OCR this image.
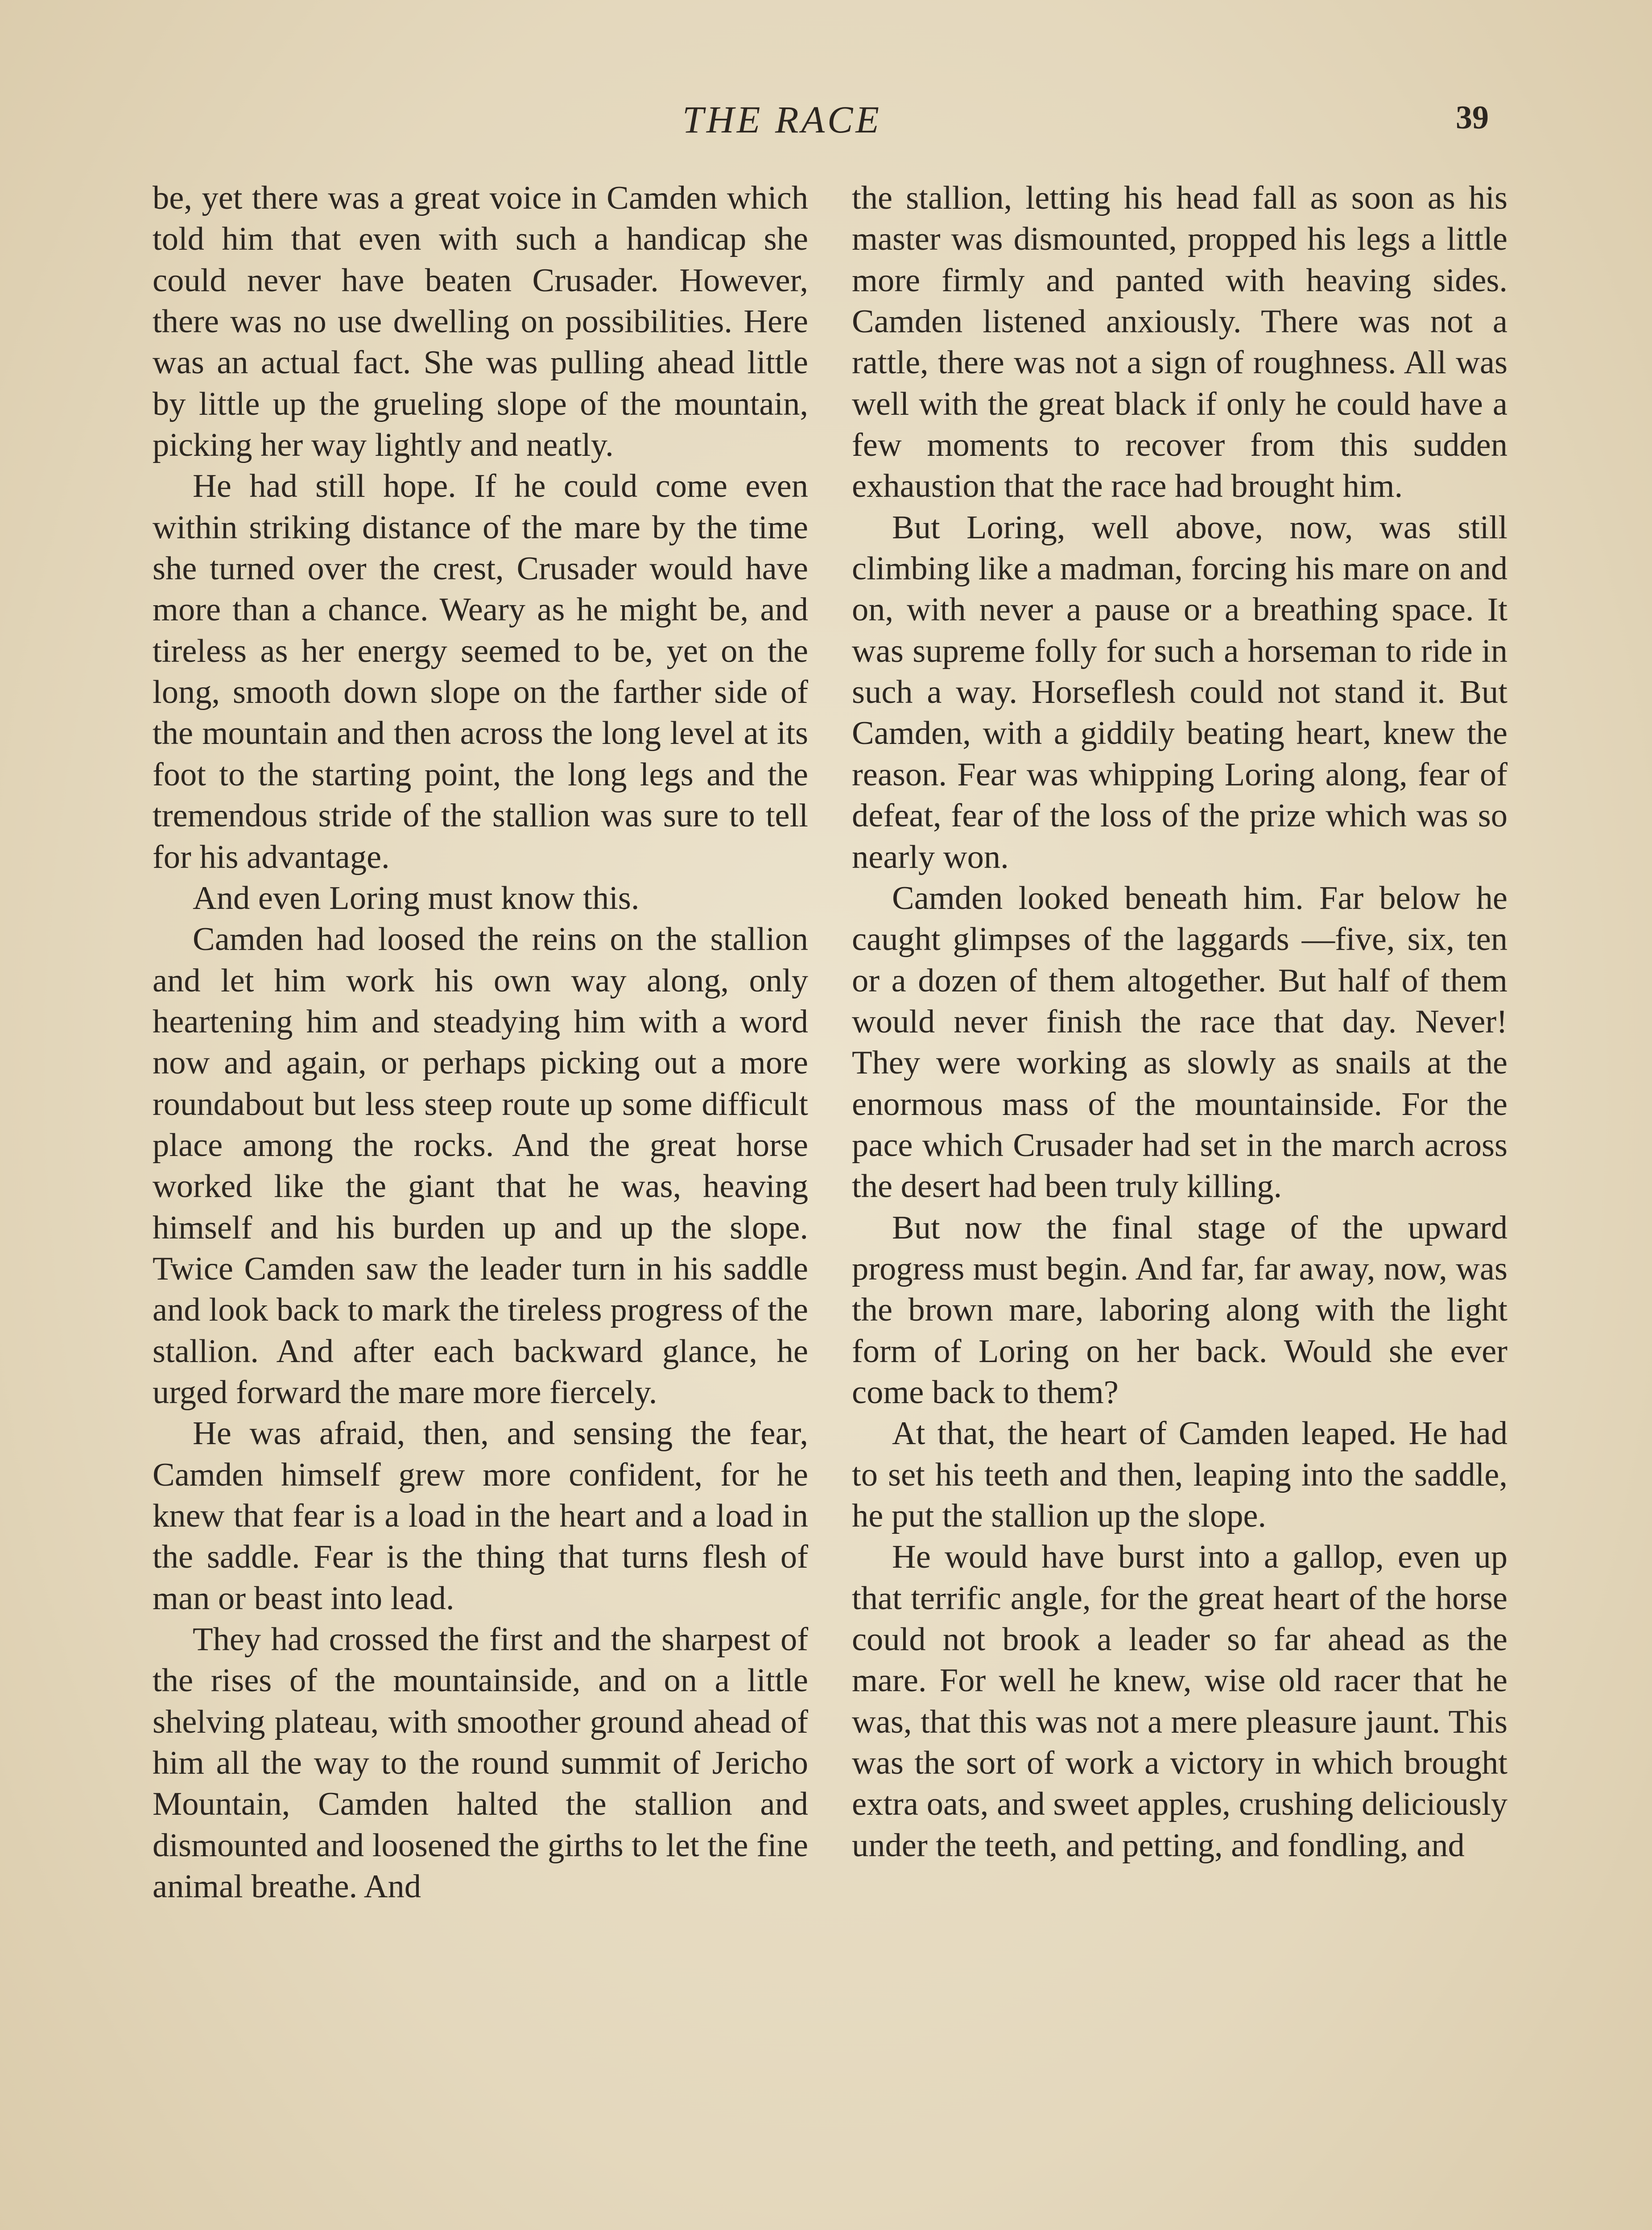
THE RACE	39

be, yet there was a great voice in Camden which told him that even with such a handicap she could never have beaten Crusader. However, there was no use dwelling on possibilities. Here was an actual fact. She was pulling ahead little by little up the grueling slope of the mountain, picking her way lightly and neatly.

He had still hope. If he could come even within striking distance of the mare by the time she turned over the crest, Crusader would have more than a chance. Weary as he might be, and tireless as her energy seemed to be, yet on the long, smooth down slope on the farther side of the mountain and then across the long level at its foot to the starting point, the long legs and the tremendous stride of the stallion was sure to tell for his advantage.

And even Loring must know this.

Camden had loosed the reins on the stallion and let him work his own way along, only heartening him and steadying him with a word now and again, or perhaps picking out a more roundabout but less steep route up some difficult place among the rocks. And the great horse worked like the giant that he was, heaving himself and his burden up and up the slope. Twice Camden saw the leader turn in his saddle and look back to mark the tireless progress of the stallion. And after each backward glance, he urged forward the mare more fiercely.

He was afraid, then, and sensing the fear, Camden himself grew more confident, for he knew that fear is a load in the heart and a load in the saddle. Fear is the thing that turns flesh of man or beast into lead.

They had crossed the first and the sharpest of the rises of the mountainside, and on a little shelving plateau, with smoother ground ahead of him all the way to the round summit of Jericho Mountain, Camden halted the stallion and dismounted and loosened the girths to let the fine animal breathe. And

the stallion, letting his head fall as soon as his master was dismounted, propped his legs a little more firmly and panted with heaving sides. Camden listened anxiously. There was not a rattle, there was not a sign of roughness. All was well with the great black if only he could have a few moments to recover from this sudden exhaustion that the race had brought him.

But Loring, well above, now, was still climbing like a madman, forcing his mare on and on, with never a pause or a breathing space. It was supreme folly for such a horseman to ride in such a way. Horseflesh could not stand it. But Camden, with a giddily beating heart, knew the reason. Fear was whipping Loring along, fear of defeat, fear of the loss of the prize which was so nearly won.

Camden looked beneath him. Far below he caught glimpses of the laggards —five, six, ten or a dozen of them altogether. But half of them would never finish the race that day. Never! They were working as slowly as snails at the enormous mass of the mountainside. For the pace which Crusader had set in the march across the desert had been truly killing.

But now the final stage of the upward progress must begin. And far, far away, now, was the brown mare, laboring along with the light form of Loring on her back. Would she ever come back to them?

At that, the heart of Camden leaped. He had to set his teeth and then, leaping into the saddle, he put the stallion up the slope.

He would have burst into a gallop, even up that terrific angle, for the great heart of the horse could not brook a leader so far ahead as the mare. For well he knew, wise old racer that he was, that this was not a mere pleasure jaunt. This was the sort of work a victory in which brought extra oats, and sweet apples, crushing deliciously under the teeth, and petting, and fondling, and
